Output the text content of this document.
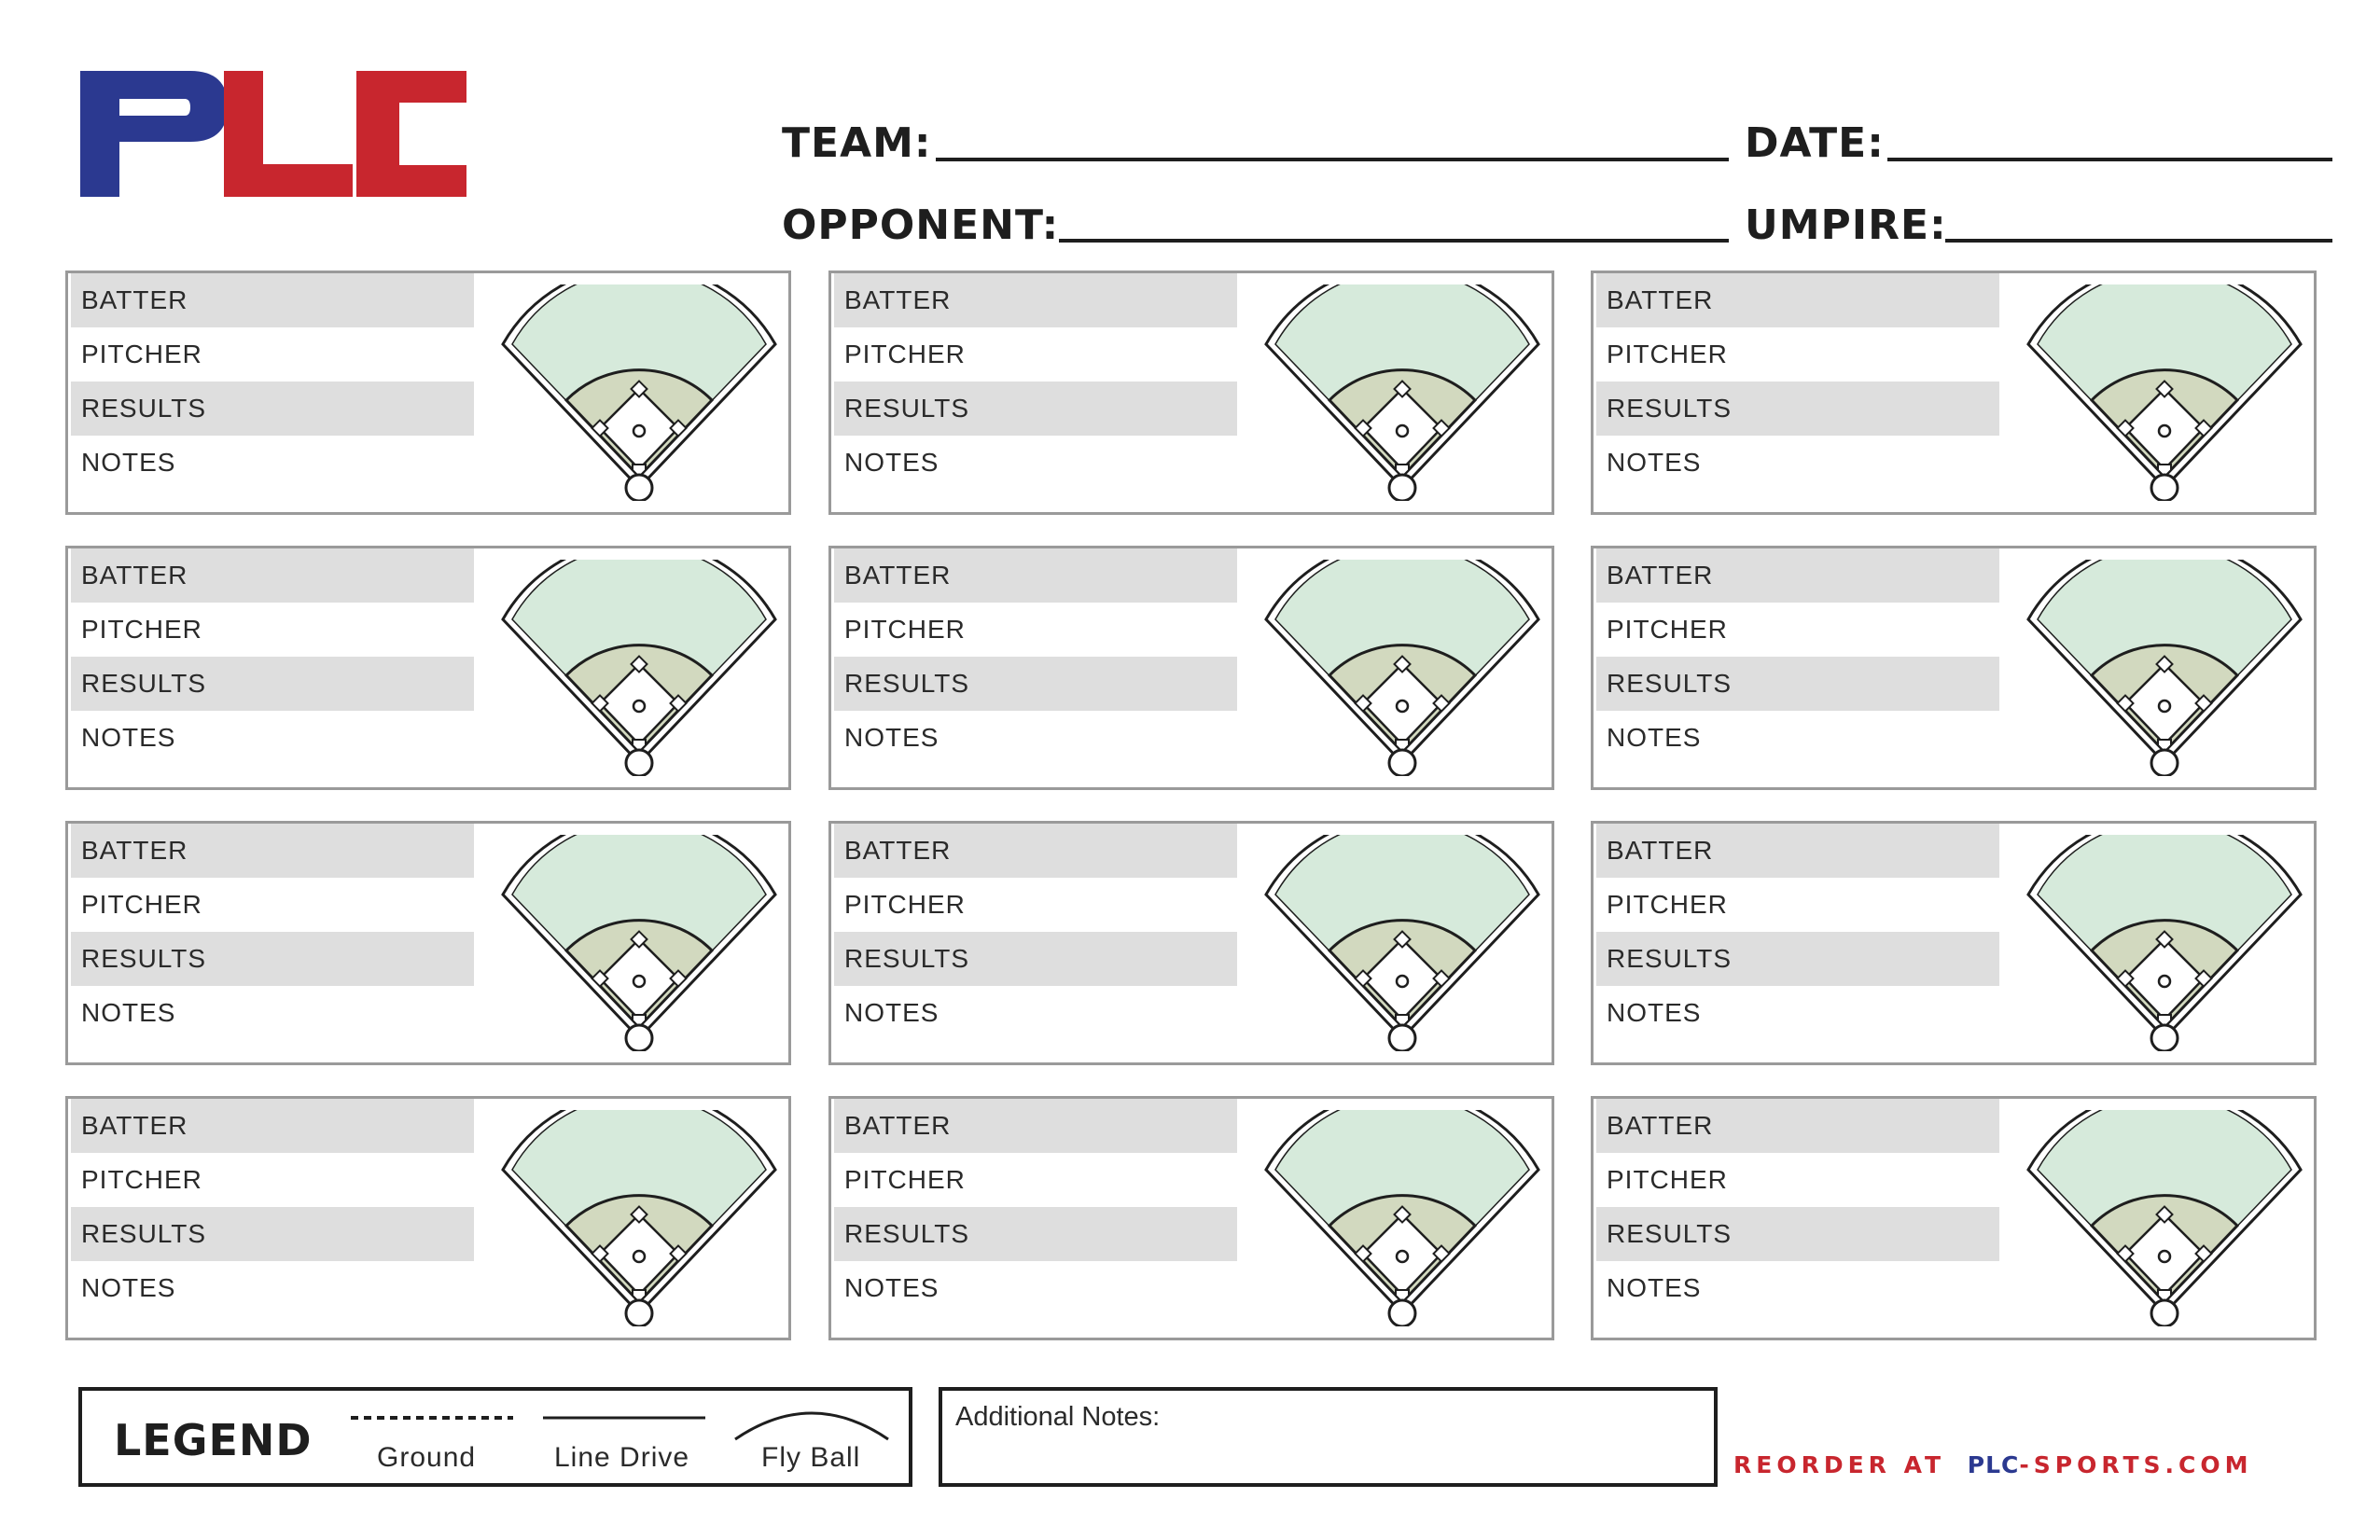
TEAM:	DATE:
OPPONENT:	UMPIRE:
BATTER
PITCHER
RESULTS
NOTES
BATTER
PITCHER
RESULTS
NOTES
BATTER
PITCHER
RESULTS
NOTES
BATTER
PITCHER
RESULTS
NOTES
BATTER
PITCHER
RESULTS
NOTES
BATTER
PITCHER
RESULTS
NOTES
BATTER
PITCHER
RESULTS
NOTES
BATTER
PITCHER
RESULTS
NOTES
BATTER
PITCHER
RESULTS
NOTES
BATTER
PITCHER
RESULTS
NOTES
BATTER
PITCHER
RESULTS
NOTES
BATTER
PITCHER
RESULTS
NOTES
LEGEND Ground	Line Drive	Fly Ball
Additional Notes:
REORDER AT PLC-SPORTS.COM
